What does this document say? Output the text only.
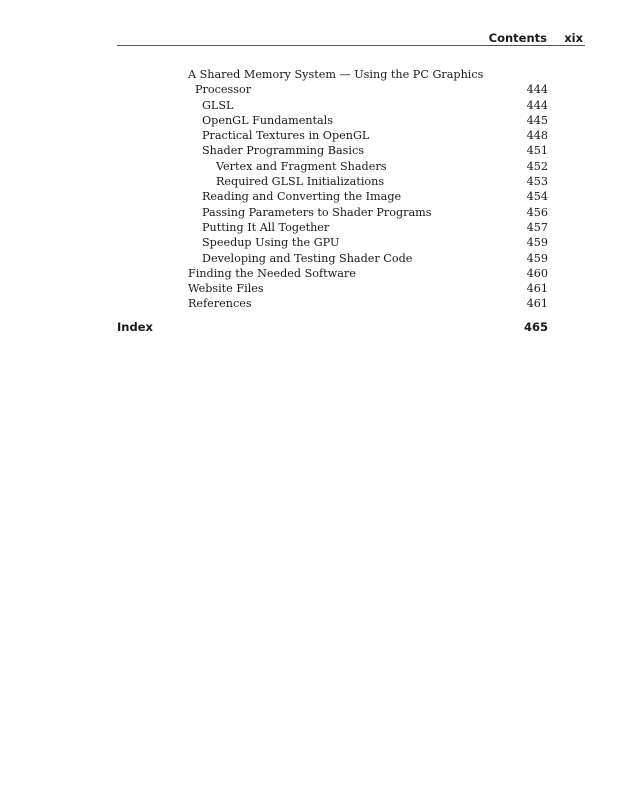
Contents xix
A Shared Memory System — Using the PC Graphics
Processor	444
GLSL	444
OpenGL Fundamentals	445
Practical Textures in OpenGL	448
Shader Programming Basics	451
Vertex and Fragment Shaders	452
Required GLSL Initializations	453
Reading and Converting the Image	454
Passing Parameters to Shader Programs	456
Putting It All Together	457
Speedup Using the GPU	459
Developing and Testing Shader Code	459
Finding the Needed Software	460
Website Files	461
References	461
Index	465
